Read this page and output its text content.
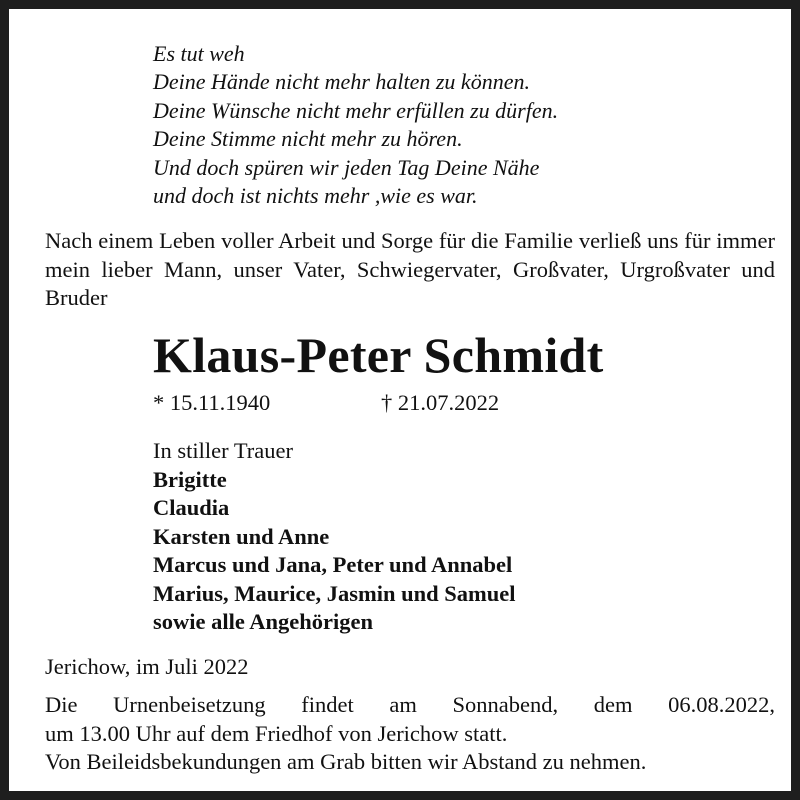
Es tut weh
Deine Hände nicht mehr halten zu können.
Deine Wünsche nicht mehr erfüllen zu dürfen.
Deine Stimme nicht mehr zu hören.
Und doch spüren wir jeden Tag Deine Nähe
und doch ist nichts mehr ,wie es war.
Nach einem Leben voller Arbeit und Sorge für die Familie verließ uns für immer mein lieber Mann, unser Vater, Schwiegervater, Großvater, Urgroßvater und Bruder
Klaus-Peter Schmidt
* 15.11.1940	† 21.07.2022
In stiller Trauer
Brigitte
Claudia
Karsten und Anne
Marcus und Jana, Peter und Annabel
Marius, Maurice, Jasmin und Samuel
sowie alle Angehörigen
Jerichow, im Juli 2022
Die Urnenbeisetzung findet am Sonnabend, dem 06.08.2022,
um 13.00 Uhr auf dem Friedhof von Jerichow statt.
Von Beileidsbekundungen am Grab bitten wir Abstand zu nehmen.
